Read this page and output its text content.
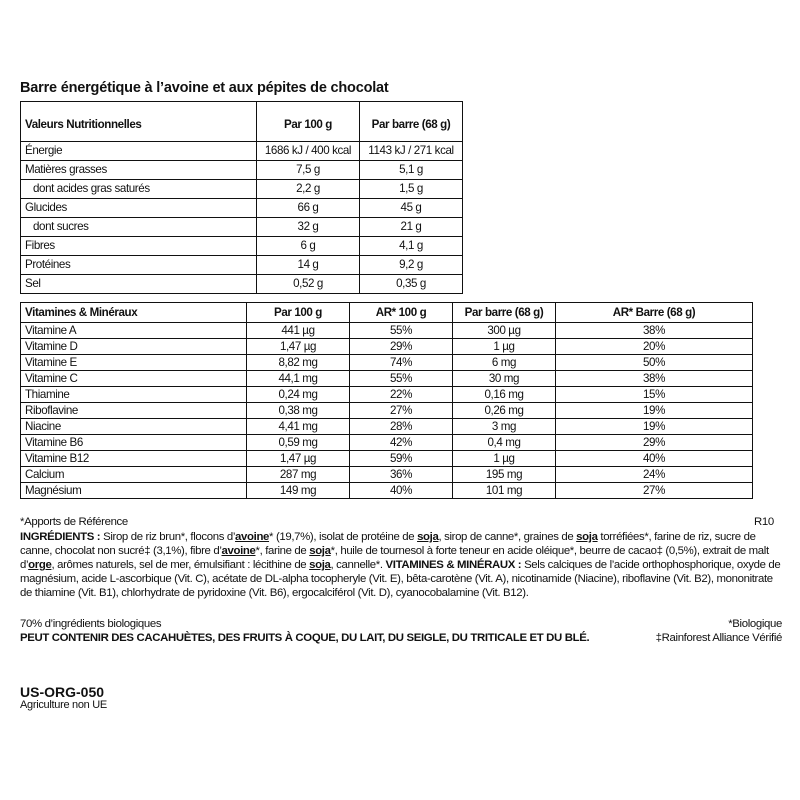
Barre énergétique à l’avoine et aux pépites de chocolat
Valeurs Nutritionnelles	Par 100 g	Par barre (68 g)
Énergie	1686 kJ / 400 kcal	1143 kJ / 271 kcal
Matières grasses	7,5 g	5,1 g
dont acides gras saturés	2,2 g	1,5 g
Glucides	66 g	45 g
dont sucres	32 g	21 g
Fibres	6 g	4,1 g
Protéines	14 g	9,2 g
Sel	0,52 g	0,35 g
Vitamines & Minéraux	Par 100 g	AR* 100 g	Par barre (68 g)	AR* Barre (68 g)
Vitamine A	441 µg	55%	300 µg	38%
Vitamine D	1,47 µg	29%	1 µg	20%
Vitamine E	8,82 mg	74%	6 mg	50%
Vitamine C	44,1 mg	55%	30 mg	38%
Thiamine	0,24 mg	22%	0,16 mg	15%
Riboflavine	0,38 mg	27%	0,26 mg	19%
Niacine	4,41 mg	28%	3 mg	19%
Vitamine B6	0,59 mg	42%	0,4 mg	29%
Vitamine B12	1,47 µg	59%	1 µg	40%
Calcium	287 mg	36%	195 mg	24%
Magnésium	149 mg	40%	101 mg	27%
*Apports de Référence	R10

INGRÉDIENTS : Sirop de riz brun*, flocons d’avoine* (19,7%), isolat de protéine de soja, sirop de canne*, graines de soja torréfiées*, farine de riz, sucre de canne, chocolat non sucré‡ (3,1%), fibre d’avoine*, farine de soja*, huile de tournesol à forte teneur en acide oléique*, beurre de cacao‡ (0,5%), extrait de malt d’orge, arômes naturels, sel de mer, émulsifiant : lécithine de soja, cannelle*. VITAMINES & MINÉRAUX : Sels calciques de l’acide orthophosphorique, oxyde de magnésium, acide L-ascorbique (Vit. C), acétate de DL-alpha tocopheryle (Vit. E), bêta-carotène (Vit. A), nicotinamide (Niacine), riboflavine (Vit. B2), mononitrate de thiamine (Vit. B1), chlorhydrate de pyridoxine (Vit. B6), ergocalciférol (Vit. D), cyanocobalamine (Vit. B12).

70% d’ingrédients biologiques	*Biologique
PEUT CONTENIR DES CACAHUÈTES, DES FRUITS À COQUE, DU LAIT, DU SEIGLE, DU TRITICALE ET DU BLÉ.	‡Rainforest Alliance Vérifié
US-ORG-050
Agriculture non UE
